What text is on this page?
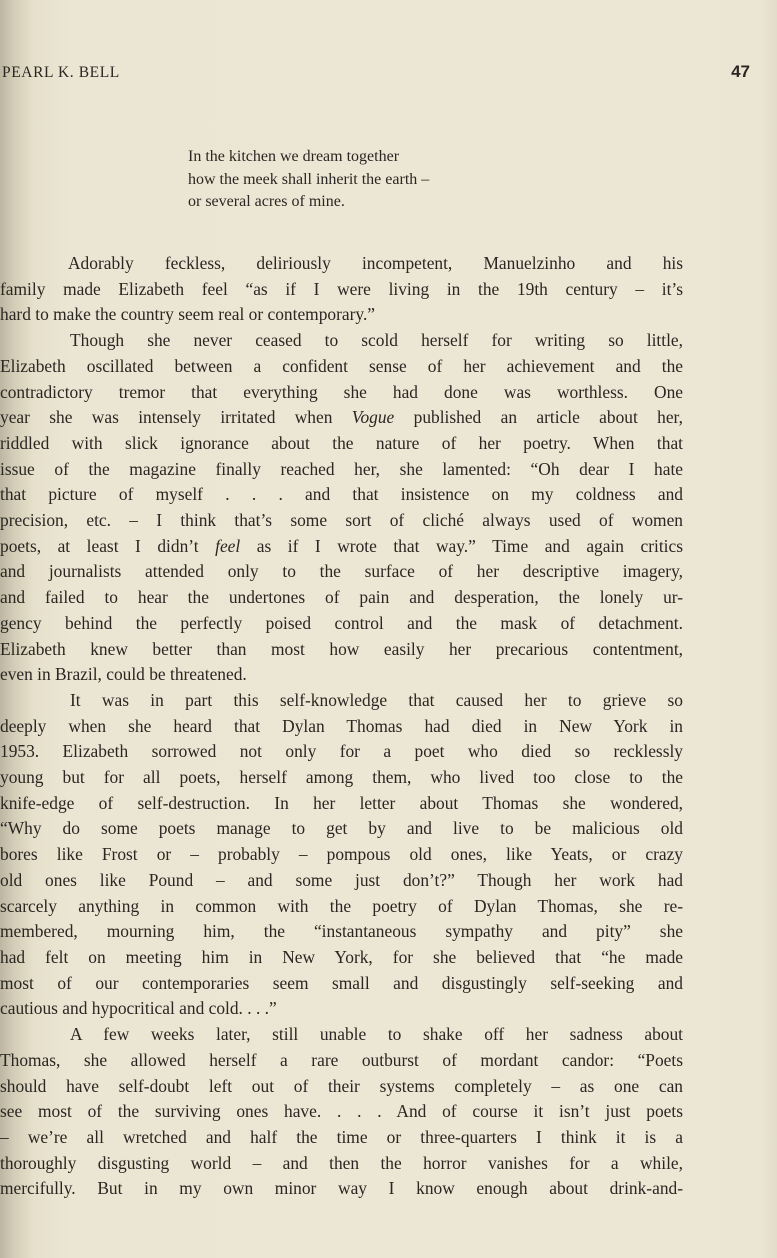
PEARL K. BELL	47
In the kitchen we dream together
how the meek shall inherit the earth –
or several acres of mine.
Adorably feckless, deliriously incompetent, Manuelzinho and his
family made Elizabeth feel “as if I were living in the 19th century – it’s
hard to make the country seem real or contemporary.”
Though she never ceased to scold herself for writing so little,
Elizabeth oscillated between a confident sense of her achievement and the
contradictory tremor that everything she had done was worthless. One
year she was intensely irritated when Vogue published an article about her,
riddled with slick ignorance about the nature of her poetry. When that
issue of the magazine finally reached her, she lamented: “Oh dear I hate
that picture of myself . . . and that insistence on my coldness and
precision, etc. – I think that’s some sort of cliché always used of women
poets, at least I didn’t feel as if I wrote that way.” Time and again critics
and journalists attended only to the surface of her descriptive imagery,
and failed to hear the undertones of pain and desperation, the lonely ur-
gency behind the perfectly poised control and the mask of detachment.
Elizabeth knew better than most how easily her precarious contentment,
even in Brazil, could be threatened.
It was in part this self-knowledge that caused her to grieve so
deeply when she heard that Dylan Thomas had died in New York in
1953. Elizabeth sorrowed not only for a poet who died so recklessly
young but for all poets, herself among them, who lived too close to the
knife-edge of self-destruction. In her letter about Thomas she wondered,
“Why do some poets manage to get by and live to be malicious old
bores like Frost or – probably – pompous old ones, like Yeats, or crazy
old ones like Pound – and some just don’t?” Though her work had
scarcely anything in common with the poetry of Dylan Thomas, she re-
membered, mourning him, the “instantaneous sympathy and pity” she
had felt on meeting him in New York, for she believed that “he made
most of our contemporaries seem small and disgustingly self-seeking and
cautious and hypocritical and cold. . . .”
A few weeks later, still unable to shake off her sadness about
Thomas, she allowed herself a rare outburst of mordant candor: “Poets
should have self-doubt left out of their systems completely – as one can
see most of the surviving ones have. . . . And of course it isn’t just poets
– we’re all wretched and half the time or three-quarters I think it is a
thoroughly disgusting world – and then the horror vanishes for a while,
mercifully. But in my own minor way I know enough about drink-and-
